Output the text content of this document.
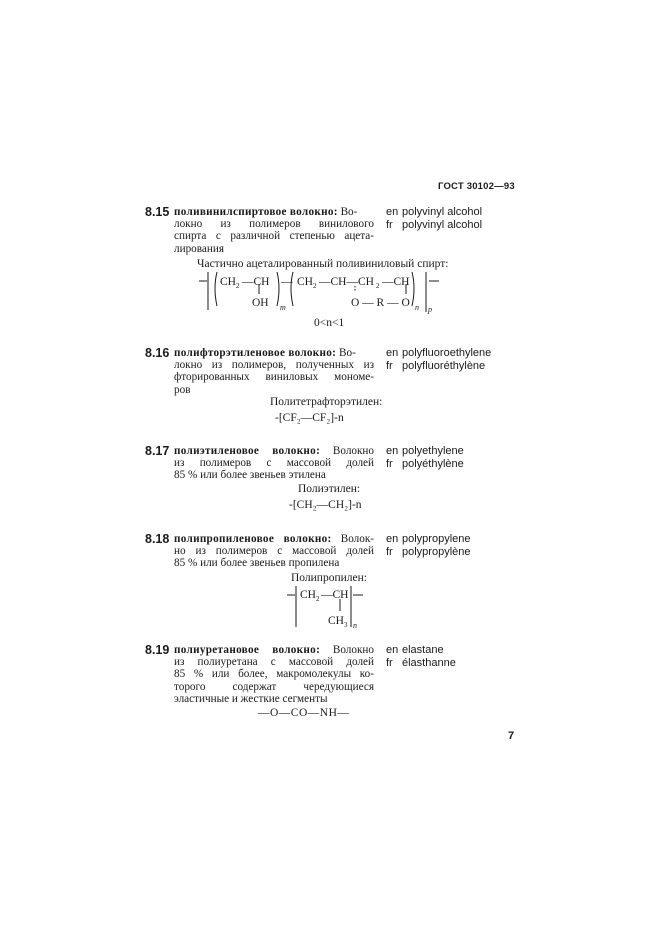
ГОСТ 30102—93
8.15 поливинилспиртовое волокно: Во-
локно из полимеров винилового
спирта с различной степенью ацета-
лирования
en polyvinyl alcohol
fr polyvinyl alcohol
Частично ацеталированный поливиниловый спирт:
CH 2 —CH — CH 2 —CH—CH 2 —CH
OH m	O — R — O n p
0<n<1
8.16 полифторэтиленовое волокно: Во-
локно из полимеров, полученных из
фторированных виниловых мономе-
ров
en polyfluoroethylene
fr polyfluoréthylène
Политетрафторэтилен:
-[CF₂—CF₂]-n
8.17 полиэтиленовое волокно: Волокно
из полимеров с массовой долей
85 % или более звеньев этилена
en polyethylene
fr polyéthylène
Полиэтилен:
-[CH₂—CH₂]-n
8.18 полипропиленовое волокно: Волок-
но из полимеров с массовой долей
85 % или более звеньев пропилена
en polypropylene
fr polypropylène
Полипропилен:
CH 2 —CH
CH 3 n
8.19 полиуретановое волокно: Волокно
из полиуретана с массовой долей
85 % или более, макромолекулы ко-
торого содержат чередующиеся
эластичные и жесткие сегменты
en elastane
fr élasthanne
—O—CO—NH—
7
